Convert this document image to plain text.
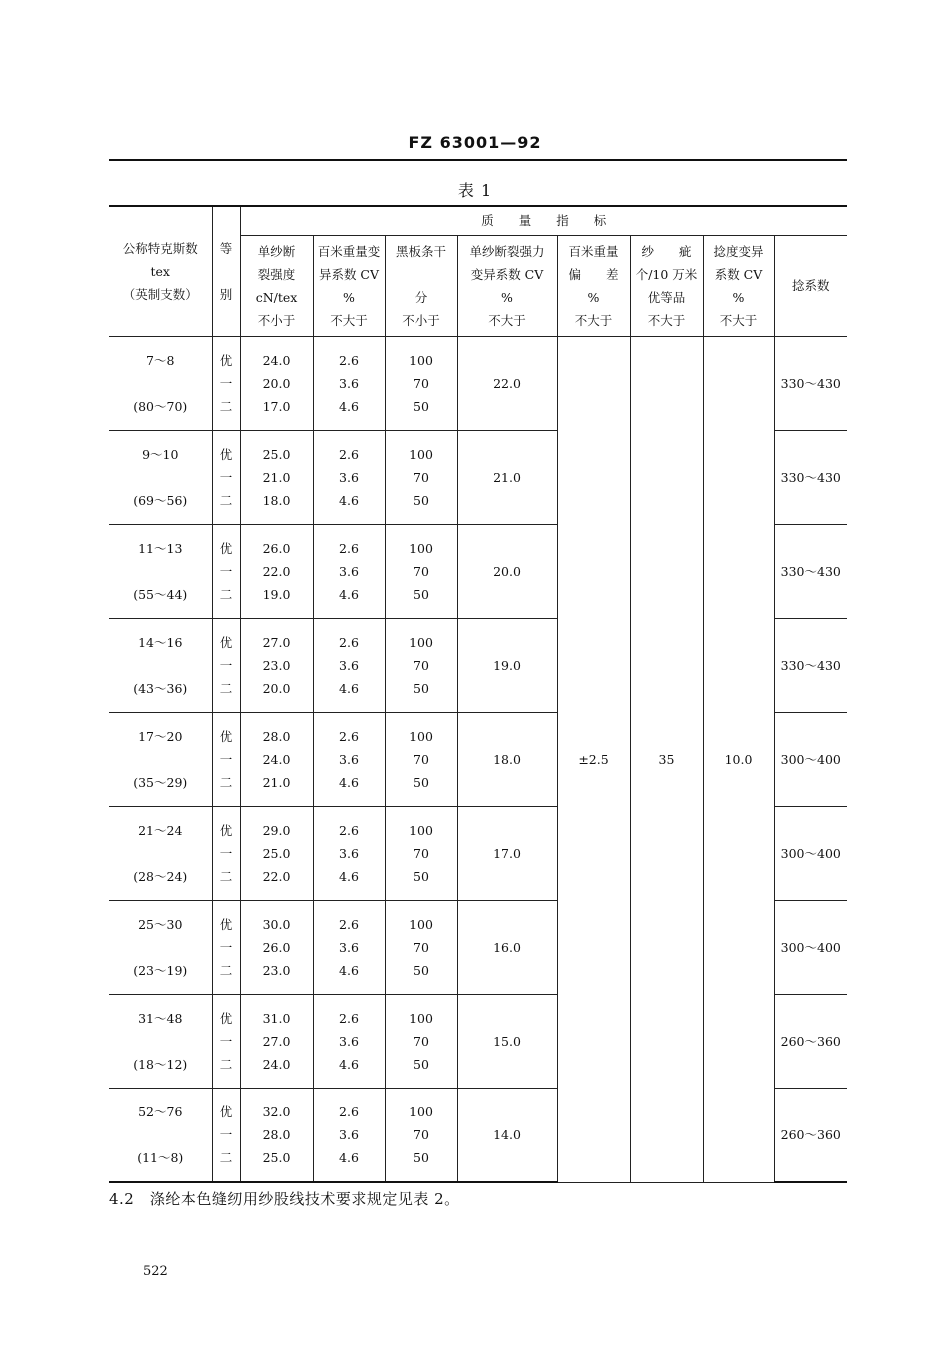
FZ 63001—92
表 1
公称特克斯数
tex
（英制支数）	等

别	质　　量　　指　　标							

		单纱断
裂强度
cN/tex
不小于	百米重量变
异系数 CV
%
不大于	黑板条干

分
不小于	单纱断裂强力
变异系数 CV
%
不大于	百米重量
偏　　差
%
不大于	纱　　疵
个/10 万米
优等品
不大于	捻度变异
系数 CV
%
不大于	捻系数

7～8

(80～70)	优
一
二	24.0
20.0
17.0	2.6
3.6
4.6	100
70
50	22.0	±2.5	35	10.0	330～430

9～10

(69～56)	优
一
二	25.0
21.0
18.0	2.6
3.6
4.6	100
70
50	21.0				330～430

11～13

(55～44)	优
一
二	26.0
22.0
19.0	2.6
3.6
4.6	100
70
50	20.0				330～430

14～16

(43～36)	优
一
二	27.0
23.0
20.0	2.6
3.6
4.6	100
70
50	19.0				330～430

17～20

(35～29)	优
一
二	28.0
24.0
21.0	2.6
3.6
4.6	100
70
50	18.0				300～400

21～24

(28～24)	优
一
二	29.0
25.0
22.0	2.6
3.6
4.6	100
70
50	17.0				300～400

25～30

(23～19)	优
一
二	30.0
26.0
23.0	2.6
3.6
4.6	100
70
50	16.0				300～400

31～48

(18～12)	优
一
二	31.0
27.0
24.0	2.6
3.6
4.6	100
70
50	15.0				260～360

52～76

(11～8)	优
一
二	32.0
28.0
25.0	2.6
3.6
4.6	100
70
50	14.0				260～360
4.2　涤纶本色缝纫用纱股线技术要求规定见表 2。
522
